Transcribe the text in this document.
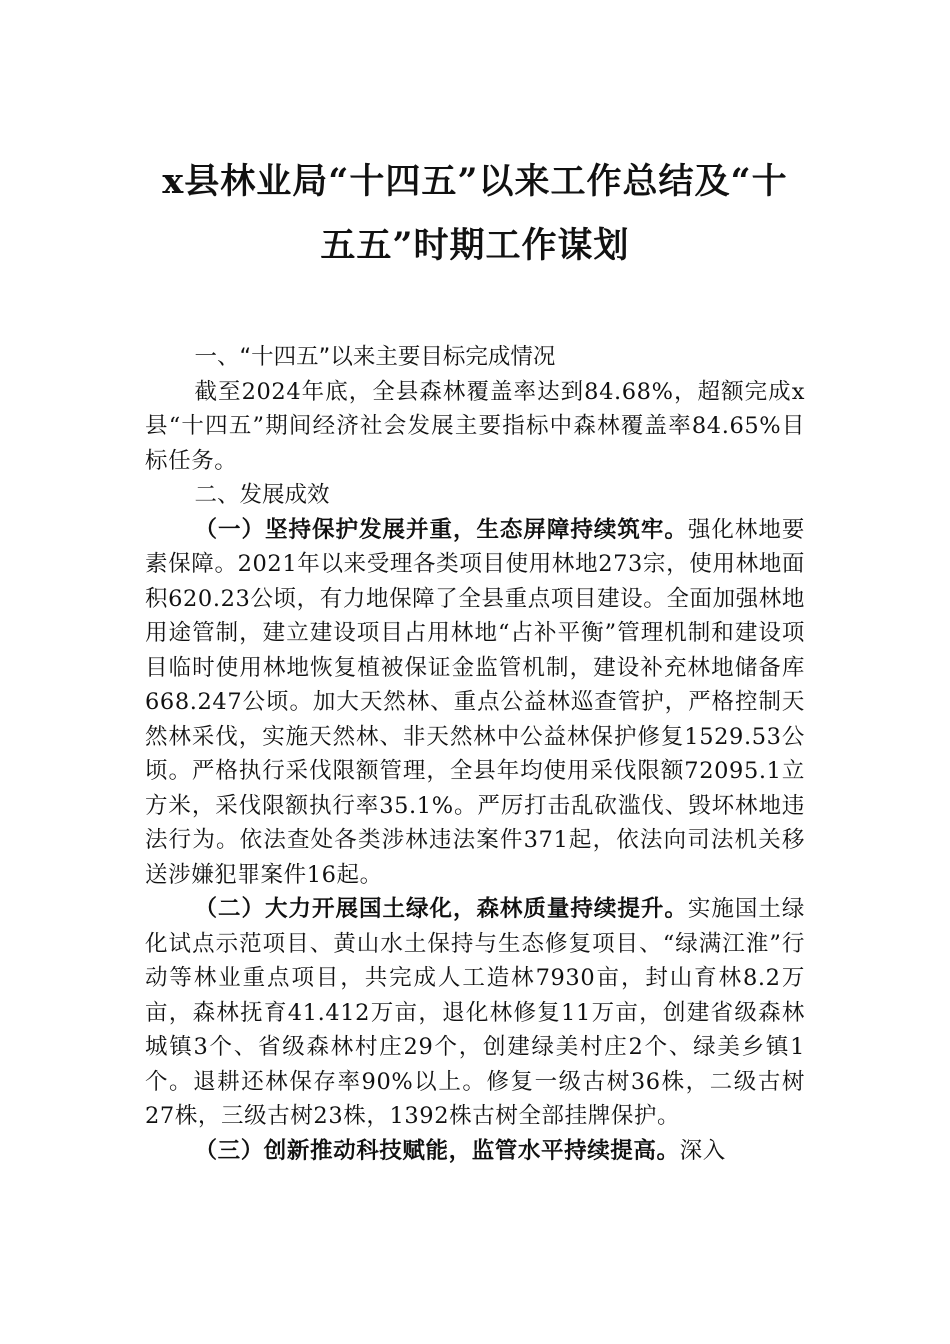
x县林业局“十四五”以来工作总结及“十
五五”时期工作谋划
一、“十四五”以来主要目标完成情况

截至2024年底，全县森林覆盖率达到84.68%，超额完成x县“十四五”期间经济社会发展主要指标中森林覆盖率84.65%目标任务。

二、发展成效

（一）坚持保护发展并重，生态屏障持续筑牢。强化林地要素保障。2021年以来受理各类项目使用林地273宗，使用林地面积620.23公顷，有力地保障了全县重点项目建设。全面加强林地用途管制，建立建设项目占用林地“占补平衡”管理机制和建设项目临时使用林地恢复植被保证金监管机制，建设补充林地储备库668.247公顷。加大天然林、重点公益林巡查管护，严格控制天然林采伐，实施天然林、非天然林中公益林保护修复1529.53公顷。严格执行采伐限额管理，全县年均使用采伐限额72095.1立方米，采伐限额执行率35.1%。严厉打击乱砍滥伐、毁坏林地违法行为。依法查处各类涉林违法案件371起，依法向司法机关移送涉嫌犯罪案件16起。

（二）大力开展国土绿化，森林质量持续提升。实施国土绿化试点示范项目、黄山水土保持与生态修复项目、“绿满江淮”行动等林业重点项目，共完成人工造林7930亩，封山育林8.2万亩，森林抚育41.412万亩，退化林修复11万亩，创建省级森林城镇3个、省级森林村庄29个，创建绿美村庄2个、绿美乡镇1个。退耕还林保存率90%以上。修复一级古树36株，二级古树27株，三级古树23株，1392株古树全部挂牌保护。

（三）创新推动科技赋能，监管水平持续提高。深入
